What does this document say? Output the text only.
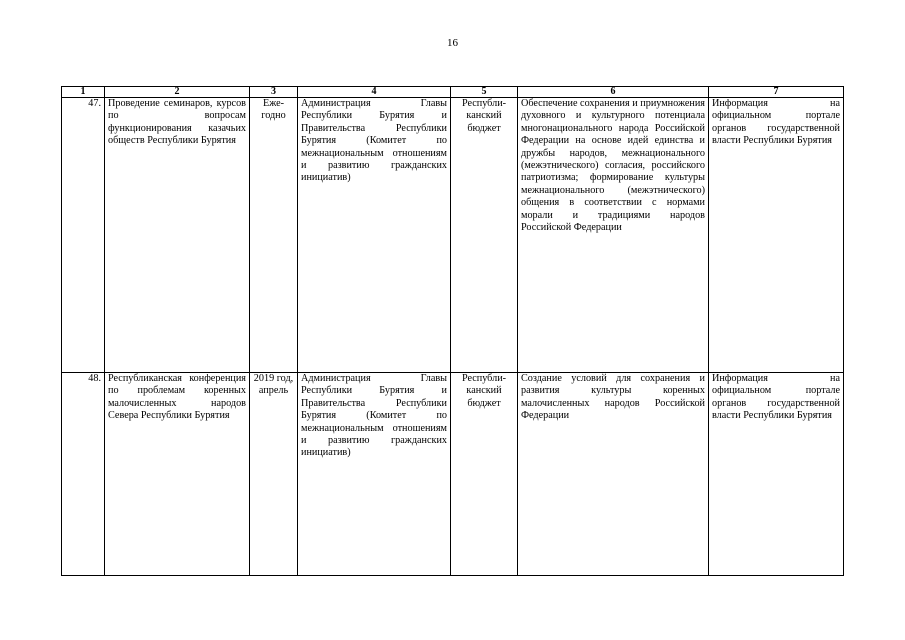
16
1	2	3	4	5	6	7
47.	Проведение семинаров, курсов по вопросам функционирования казачьих обществ Республики Бурятия	Еже-годно	Администрация Главы Республики Бурятия и Правительства Республики Бурятия (Комитет по межнациональным отношениям и развитию гражданских инициатив)	Республи-канский бюджет	Обеспечение сохранения и приумножения духовного и культурного потенциала многонационального народа Российской Федерации на основе идей единства и дружбы народов, межнационального (межэтнического) согласия, российского патриотизма; формирование культуры межнационального (межэтнического) общения в соответствии с нормами морали и традициями народов Российской Федерации	Информация на официальном портале органов государственной власти Республики Бурятия
48.	Республиканская конференция по проблемам коренных малочисленных народов Севера Республики Бурятия	2019 год, апрель	Администрация Главы Республики Бурятия и Правительства Республики Бурятия (Комитет по межнациональным отношениям и развитию гражданских инициатив)	Республи-канский бюджет	Создание условий для сохранения и развития культуры коренных малочисленных народов Российской Федерации	Информация на официальном портале органов государственной власти Республики Бурятия
